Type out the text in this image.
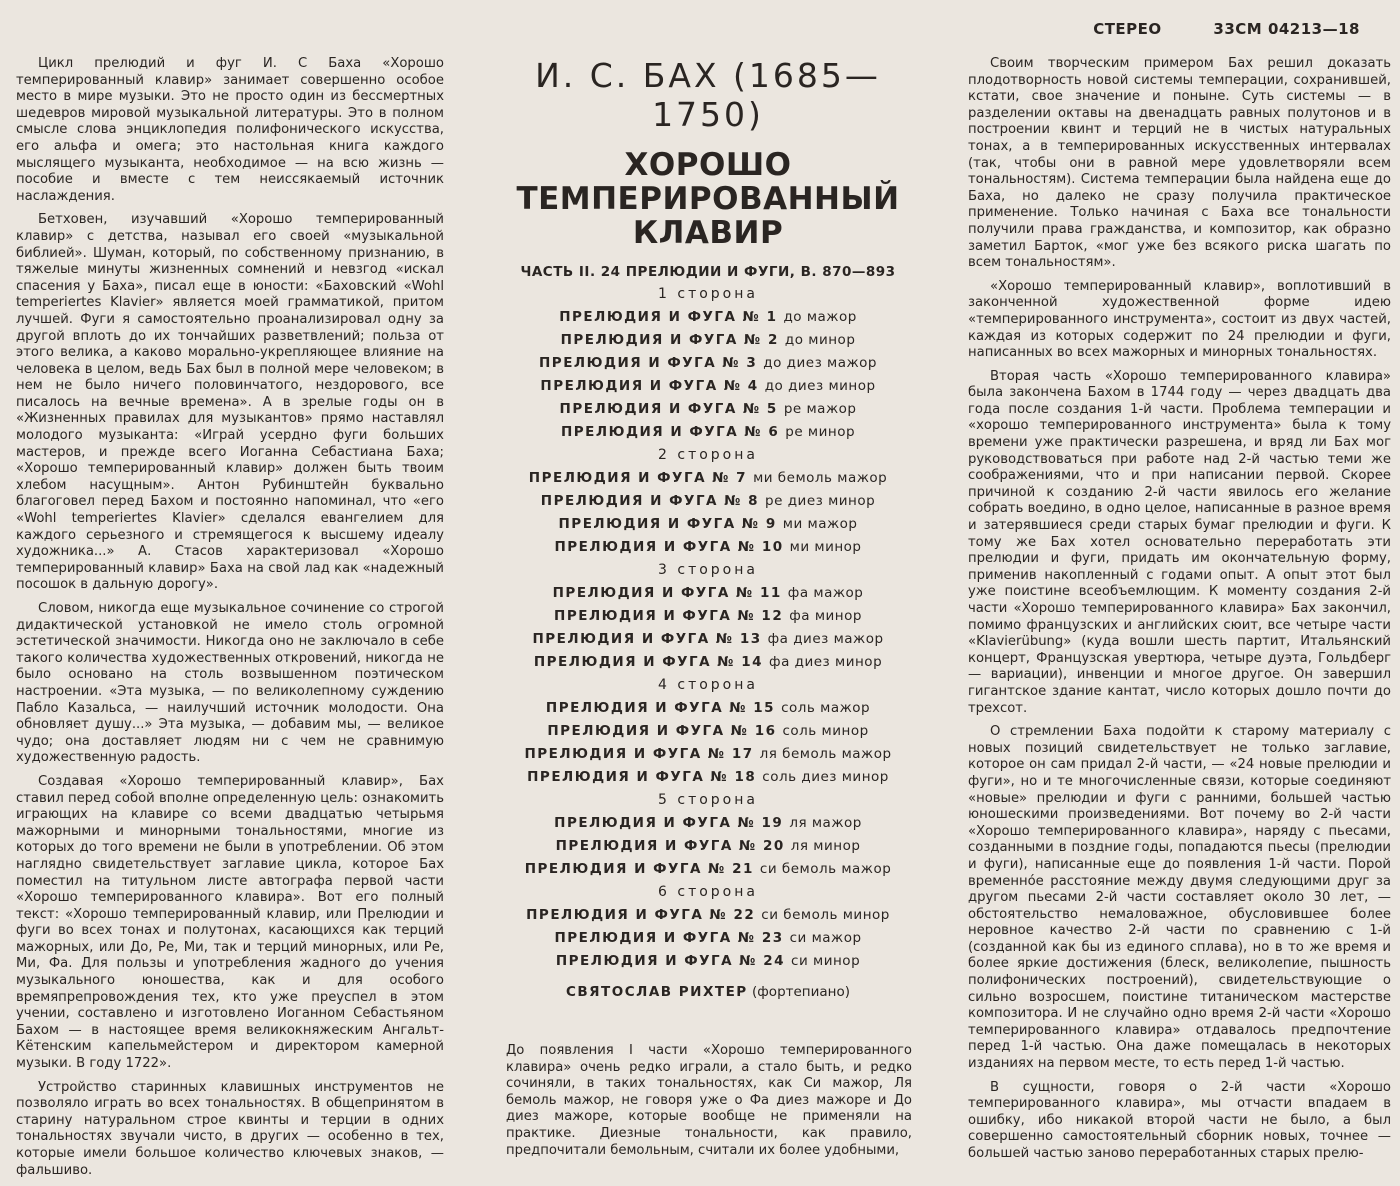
СТЕРЕО	33СМ 04213—18

Цикл прелюдий и фуг И. С Баха «Хорошо темперированный клавир» занимает совершенно особое место в мире музыки. Это не просто один из бессмертных шедевров мировой музыкальной литературы. Это в полном смысле слова энциклопедия полифонического искусства, его альфа и омега; это настольная книга каждого мыслящего музыканта, необходимое — на всю жизнь — пособие и вместе с тем неиссякаемый источник наслаждения.

Бетховен, изучавший «Хорошо темперированный клавир» с детства, называл его своей «музыкальной библией». Шуман, который, по собственному признанию, в тяжелые минуты жизненных сомнений и невзгод «искал спасения у Баха», писал еще в юности: «Баховский «Wohl temperiertes Klavier» является моей грамматикой, притом лучшей. Фуги я самостоятельно проанализировал одну за другой вплоть до их тончайших разветвлений; польза от этого велика, а каково морально-укрепляющее влияние на человека в целом, ведь Бах был в полной мере человеком; в нем не было ничего половинчатого, нездорового, все писалось на вечные времена». А в зрелые годы он в «Жизненных правилах для музыкантов» прямо наставлял молодого музыканта: «Играй усердно фуги больших мастеров, и прежде всего Иоганна Себастиана Баха; «Хорошо темперированный клавир» должен быть твоим хлебом насущным». Антон Рубинштейн буквально благоговел перед Бахом и постоянно напоминал, что «его «Wohl temperiertes Klavier» сделался евангелием для каждого серьезного и стремящегося к высшему идеалу художника...» А. Стасов характеризовал «Хорошо темперированный клавир» Баха на свой лад как «надежный посошок в дальную дорогу».

Словом, никогда еще музыкальное сочинение со строгой дидактической установкой не имело столь огромной эстетической значимости. Никогда оно не заключало в себе такого количества художественных откровений, никогда не было основано на столь возвышенном поэтическом настроении. «Эта музыка, — по великолепному суждению Пабло Казальса, — наилучший источник молодости. Она обновляет душу...» Эта музыка, — добавим мы, — великое чудо; она доставляет людям ни с чем не сравнимую художественную радость.

Создавая «Хорошо темперированный клавир», Бах ставил перед собой вполне определенную цель: ознакомить играющих на клавире со всеми двадцатью четырьмя мажорными и минорными тональностями, многие из которых до того времени не были в употреблении. Об этом наглядно свидетельствует заглавие цикла, которое Бах поместил на титульном листе автографа первой части «Хорошо темперированного клавира». Вот его полный текст: «Хорошо темперированный клавир, или Прелюдии и фуги во всех тонах и полутонах, касающихся как терций мажорных, или До, Ре, Ми, так и терций минорных, или Ре, Ми, Фа. Для пользы и употребления жадного до учения музыкального юношества, как и для особого времяпрепровождения тех, кто уже преуспел в этом учении, составлено и изготовлено Иоганном Себастьяном Бахом — в настоящее время великокняжеским Ангальт-Кётенским капельмейстером и директором камерной музыки. В году 1722».

Устройство старинных клавишных инструментов не позволяло играть во всех тональностях. В общепринятом в старину натуральном строе квинты и терции в одних тональностях звучали чисто, в других — особенно в тех, которые имели большое количество ключевых знаков, — фальшиво.

И. С. БАХ (1685—1750)
ХОРОШО
ТЕМПЕРИРОВАННЫЙ
КЛАВИР
ЧАСТЬ II. 24 ПРЕЛЮДИИ И ФУГИ, В. 870—893
1 сторона
ПРЕЛЮДИЯ И ФУГА № 1 до мажор
ПРЕЛЮДИЯ И ФУГА № 2 до минор
ПРЕЛЮДИЯ И ФУГА № 3 до диез мажор
ПРЕЛЮДИЯ И ФУГА № 4 до диез минор
ПРЕЛЮДИЯ И ФУГА № 5 ре мажор
ПРЕЛЮДИЯ И ФУГА № 6 ре минор
2 сторона
ПРЕЛЮДИЯ И ФУГА № 7 ми бемоль мажор
ПРЕЛЮДИЯ И ФУГА № 8 ре диез минор
ПРЕЛЮДИЯ И ФУГА № 9 ми мажор
ПРЕЛЮДИЯ И ФУГА № 10 ми минор
3 сторона
ПРЕЛЮДИЯ И ФУГА № 11 фа мажор
ПРЕЛЮДИЯ И ФУГА № 12 фа минор
ПРЕЛЮДИЯ И ФУГА № 13 фа диез мажор
ПРЕЛЮДИЯ И ФУГА № 14 фа диез минор
4 сторона
ПРЕЛЮДИЯ И ФУГА № 15 соль мажор
ПРЕЛЮДИЯ И ФУГА № 16 соль минор
ПРЕЛЮДИЯ И ФУГА № 17 ля бемоль мажор
ПРЕЛЮДИЯ И ФУГА № 18 соль диез минор
5 сторона
ПРЕЛЮДИЯ И ФУГА № 19 ля мажор
ПРЕЛЮДИЯ И ФУГА № 20 ля минор
ПРЕЛЮДИЯ И ФУГА № 21 си бемоль мажор
6 сторона
ПРЕЛЮДИЯ И ФУГА № 22 си бемоль минор
ПРЕЛЮДИЯ И ФУГА № 23 си мажор
ПРЕЛЮДИЯ И ФУГА № 24 си минор
СВЯТОСЛАВ РИХТЕР (фортепиано)

До появления I части «Хорошо темперированного клавира» очень редко играли, а стало быть, и редко сочиняли, в таких тональностях, как Си мажор, Ля бемоль мажор, не говоря уже о Фа диез мажоре и До диез мажоре, которые вообще не применяли на практике. Диезные тональности, как правило, предпочитали бемольным, считали их более удобными,

Своим творческим примером Бах решил доказать плодотворность новой системы темперации, сохранившей, кстати, свое значение и поныне. Суть системы — в разделении октавы на двенадцать равных полутонов и в построении квинт и терций не в чистых натуральных тонах, а в темперированных искусственных интервалах (так, чтобы они в равной мере удовлетворяли всем тональностям). Система темперации была найдена еще до Баха, но далеко не сразу получила практическое применение. Только начиная с Баха все тональности получили права гражданства, и композитор, как образно заметил Барток, «мог уже без всякого риска шагать по всем тональностям».

«Хорошо темперированный клавир», воплотивший в законченной художественной форме идею «темперированного инструмента», состоит из двух частей, каждая из которых содержит по 24 прелюдии и фуги, написанных во всех мажорных и минорных тональностях.

Вторая часть «Хорошо темперированного клавира» была закончена Бахом в 1744 году — через двадцать два года после создания 1-й части. Проблема темперации и «хорошо темперированного инструмента» была к тому времени уже практически разрешена, и вряд ли Бах мог руководствоваться при работе над 2-й частью теми же соображениями, что и при написании первой. Скорее причиной к созданию 2-й части явилось его желание собрать воедино, в одно целое, написанные в разное время и затерявшиеся среди старых бумаг прелюдии и фуги. К тому же Бах хотел основательно переработать эти прелюдии и фуги, придать им окончательную форму, применив накопленный с годами опыт. А опыт этот был уже поистине всеобъемлющим. К моменту создания 2-й части «Хорошо темперированного клавира» Бах закончил, помимо французских и английских сюит, все четыре части «Klavierübung» (куда вошли шесть партит, Итальянский концерт, Французская увертюра, четыре дуэта, Гольдберг — вариации), инвенции и многое другое. Он завершил гигантское здание кантат, число которых дошло почти до трехсот.

О стремлении Баха подойти к старому материалу с новых позиций свидетельствует не только заглавие, которое он сам придал 2-й части, — «24 новые прелюдии и фуги», но и те многочисленные связи, которые соединяют «новые» прелюдии и фуги с ранними, большей частью юношескими произведениями. Вот почему во 2-й части «Хорошо темперированного клавира», наряду с пьесами, созданными в поздние годы, попадаются пьесы (прелюдии и фуги), написанные еще до появления 1-й части. Порой временно́е расстояние между двумя следующими друг за другом пьесами 2-й части составляет около 30 лет, — обстоятельство немаловажное, обусловившее более неровное качество 2-й части по сравнению с 1-й (созданной как бы из единого сплава), но в то же время и более яркие достижения (блеск, великолепие, пышность полифонических построений), свидетельствующие о сильно возросшем, поистине титаническом мастерстве композитора. И не случайно одно время 2-й части «Хорошо темперированного клавира» отдавалось предпочтение перед 1-й частью. Она даже помещалась в некоторых изданиях на первом месте, то есть перед 1-й частью.

В сущности, говоря о 2-й части «Хорошо темперированного клавира», мы отчасти впадаем в ошибку, ибо никакой второй части не было, а был совершенно самостоятельный сборник новых, точнее — большей частью заново переработанных старых прелю-
